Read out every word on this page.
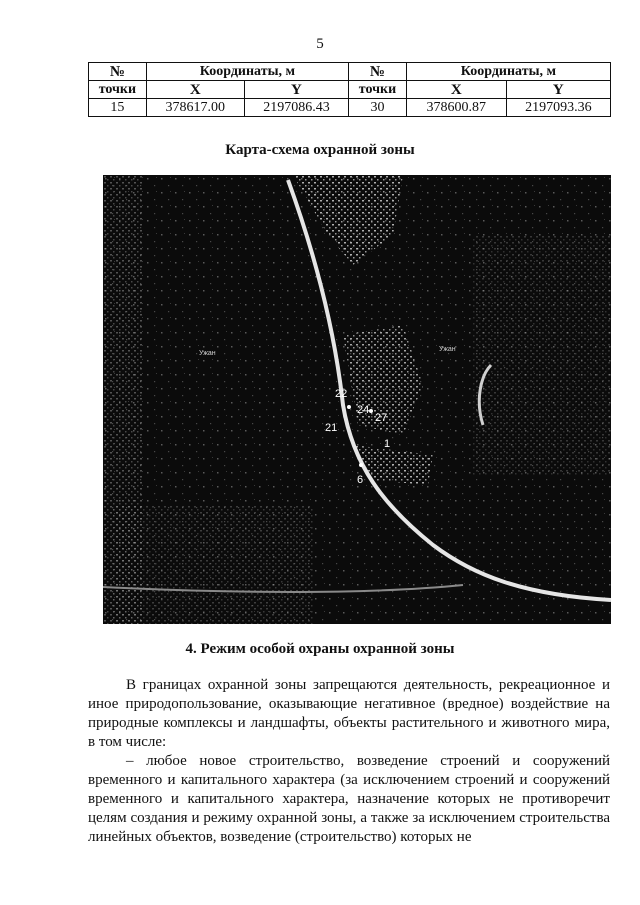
5
№	Координаты, м		№	Координаты, м	
точки	X	Y	точки	X	Y
15	378617.00	2197086.43	30	378600.87	2197093.36
Карта-схема охранной зоны
22
24
27
21
1
6
Ужан
Ужан
4. Режим особой охраны охранной зоны

В границах охранной зоны запрещаются деятельность, рекреационное и иное природопользование, оказывающие негативное (вредное) воздействие на природные комплексы и ландшафты, объекты растительного и животного мира, в том числе:

– любое новое строительство, возведение строений и сооружений временного и капитального характера (за исключением строений и сооружений временного и капитального характера, назначение которых не противоречит целям создания и режиму охранной зоны, а также за исключением строительства линейных объектов, возведение (строительство) которых не
